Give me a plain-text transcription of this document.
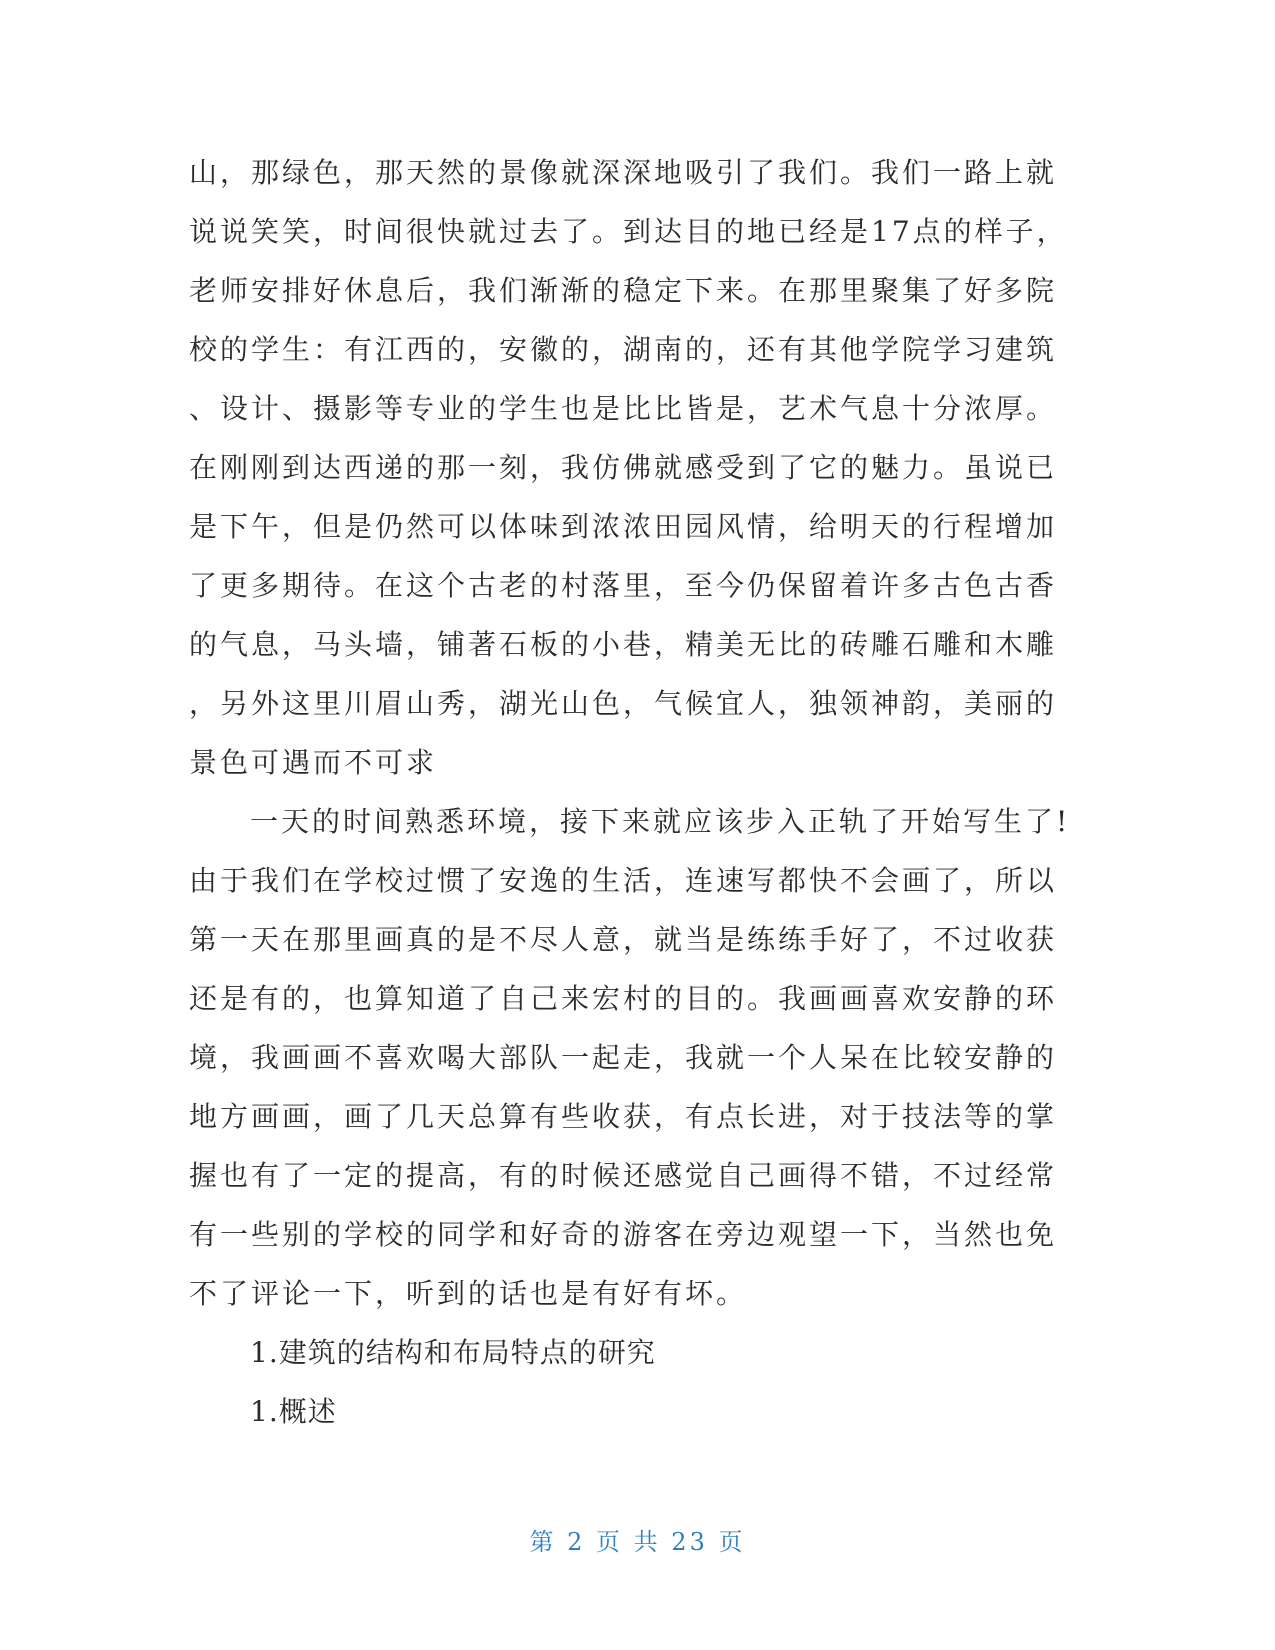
山，那绿色，那天然的景像就深深地吸引了我们。我们一路上就
说说笑笑，时间很快就过去了。到达目的地已经是17点的样子，
老师安排好休息后，我们渐渐的稳定下来。在那里聚集了好多院
校的学生：有江西的，安徽的，湖南的，还有其他学院学习建筑
、设计、摄影等专业的学生也是比比皆是，艺术气息十分浓厚。
在刚刚到达西递的那一刻，我仿佛就感受到了它的魅力。虽说已
是下午，但是仍然可以体味到浓浓田园风情，给明天的行程增加
了更多期待。在这个古老的村落里，至今仍保留着许多古色古香
的气息，马头墙，铺著石板的小巷，精美无比的砖雕石雕和木雕
，另外这里川眉山秀，湖光山色，气候宜人，独领神韵，美丽的
景色可遇而不可求
一天的时间熟悉环境，接下来就应该步入正轨了开始写生了!
由于我们在学校过惯了安逸的生活，连速写都快不会画了，所以
第一天在那里画真的是不尽人意，就当是练练手好了，不过收获
还是有的，也算知道了自己来宏村的目的。我画画喜欢安静的环
境，我画画不喜欢喝大部队一起走，我就一个人呆在比较安静的
地方画画，画了几天总算有些收获，有点长进，对于技法等的掌
握也有了一定的提高，有的时候还感觉自己画得不错，不过经常
有一些别的学校的同学和好奇的游客在旁边观望一下，当然也免
不了评论一下，听到的话也是有好有坏。
1.建筑的结构和布局特点的研究
1.概述
第 2 页 共 23 页
